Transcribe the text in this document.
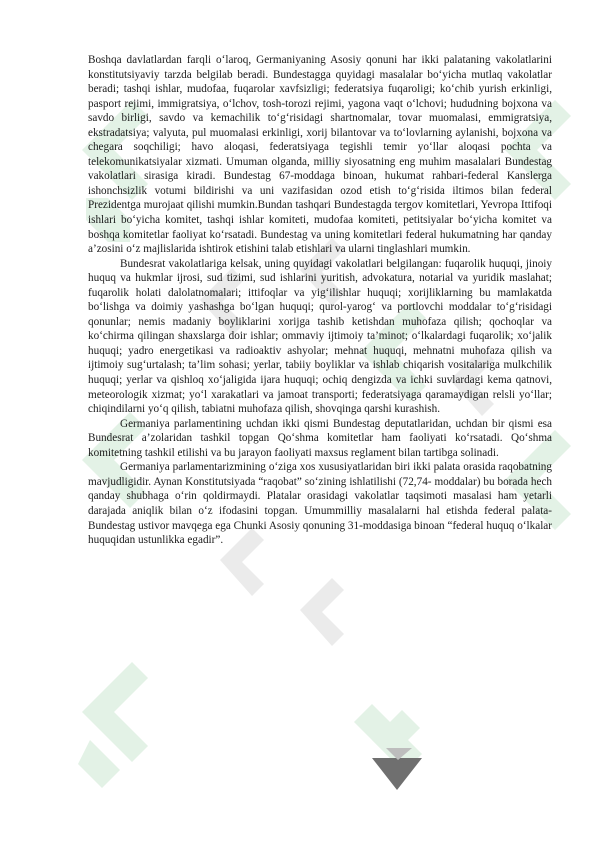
Boshqa davlatlardan farqli o‘laroq, Germaniyaning Asosiy qonuni har ikki palataning vakolatlarini konstitutsiyaviy tarzda belgilab beradi. Bundestagga quyidagi masalalar bo‘yicha mutlaq vakolatlar beradi; tashqi ishlar, mudofaa, fuqarolar xavfsizligi; federatsiya fuqaroligi; ko‘chib yurish erkinligi, pasport rejimi, immigratsiya, o‘lchov, tosh-torozi rejimi, yagona vaqt o‘lchovi; hududning bojxona va savdo birligi, savdo va kemachilik to‘g‘risidagi shartnomalar, tovar muomalasi, emmigratsiya, ekstradatsiya; valyuta, pul muomalasi erkinligi, xorij bilantovar va to‘lovlarning aylanishi, bojxona va chegara soqchiligi; havo aloqasi, federatsiyaga tegishli temir yo‘llar aloqasi pochta va telekomunikatsiyalar xizmati. Umuman olganda, milliy siyosatning eng muhim masalalari Bundestag vakolatlari sirasiga kiradi. Bundestag 67-moddaga binoan, hukumat rahbari-federal Kanslerga ishonchsizlik votumi bildirishi va uni vazifasidan ozod etish to‘g‘risida iltimos bilan federal Prezidentga murojaat qilishi mumkin.Bundan tashqari Bundestagda tergov komitetlari, Yevropa Ittifoqi ishlari bo‘yicha komitet, tashqi ishlar komiteti, mudofaa komiteti, petitsiyalar bo‘yicha komitet va boshqa komitetlar faoliyat ko‘rsatadi. Bundestag va uning komitetlari federal hukumatning har qanday a’zosini o‘z majlislarida ishtirok etishini talab etishlari va ularni tinglashlari mumkin.

Bundesrat vakolatlariga kelsak, uning quyidagi vakolatlari belgilangan: fuqarolik huquqi, jinoiy huquq va hukmlar ijrosi, sud tizimi, sud ishlarini yuritish, advokatura, notarial va yuridik maslahat; fuqarolik holati dalolatnomalari; ittifoqlar va yig‘ilishlar huquqi; xorijliklarning bu mamlakatda bo‘lishga va doimiy yashashga bo‘lgan huquqi; qurol-yarog‘ va portlovchi moddalar to‘g‘risidagi qonunlar; nemis madaniy boyliklarini xorijga tashib ketishdan muhofaza qilish; qochoqlar va ko‘chirma qilingan shaxslarga doir ishlar; ommaviy ijtimoiy ta’minot; o‘lkalardagi fuqarolik; xo‘jalik huquqi; yadro energetikasi va radioaktiv ashyolar; mehnat huquqi, mehnatni muhofaza qilish va ijtimoiy sug‘urtalash; ta’lim sohasi; yerlar, tabiiy boyliklar va ishlab chiqarish vositalariga mulkchilik huquqi; yerlar va qishloq xo‘jaligida ijara huquqi; ochiq dengizda va ichki suvlardagi kema qatnovi, meteorologik xizmat; yo‘l xarakatlari va jamoat transporti; federatsiyaga qaramaydigan relsli yo‘llar; chiqindilarni yo‘q qilish, tabiatni muhofaza qilish, shovqinga qarshi kurashish.

Germaniya parlamentining uchdan ikki qismi Bundestag deputatlaridan, uchdan bir qismi esa Bundesrat a’zolaridan tashkil topgan Qo‘shma komitetlar ham faoliyati ko‘rsatadi. Qo‘shma komitetning tashkil etilishi va bu jarayon faoliyati maxsus reglament bilan tartibga solinadi.

Germaniya parlamentarizmining o‘ziga xos xususiyatlaridan biri ikki palata orasida raqobatning mavjudligidir. Aynan Konstitutsiyada “raqobat” so‘zining ishlatilishi (72,74- moddalar) bu borada hech qanday shubhaga o‘rin qoldirmaydi. Platalar orasidagi vakolatlar taqsimoti masalasi ham yetarli darajada aniqlik bilan o‘z ifodasini topgan. Umummilliy masalalarni hal etishda federal palata-Bundestag ustivor mavqega ega Chunki Asosiy qonuning 31-moddasiga binoan “federal huquq o‘lkalar huquqidan ustunlikka egadir”.
